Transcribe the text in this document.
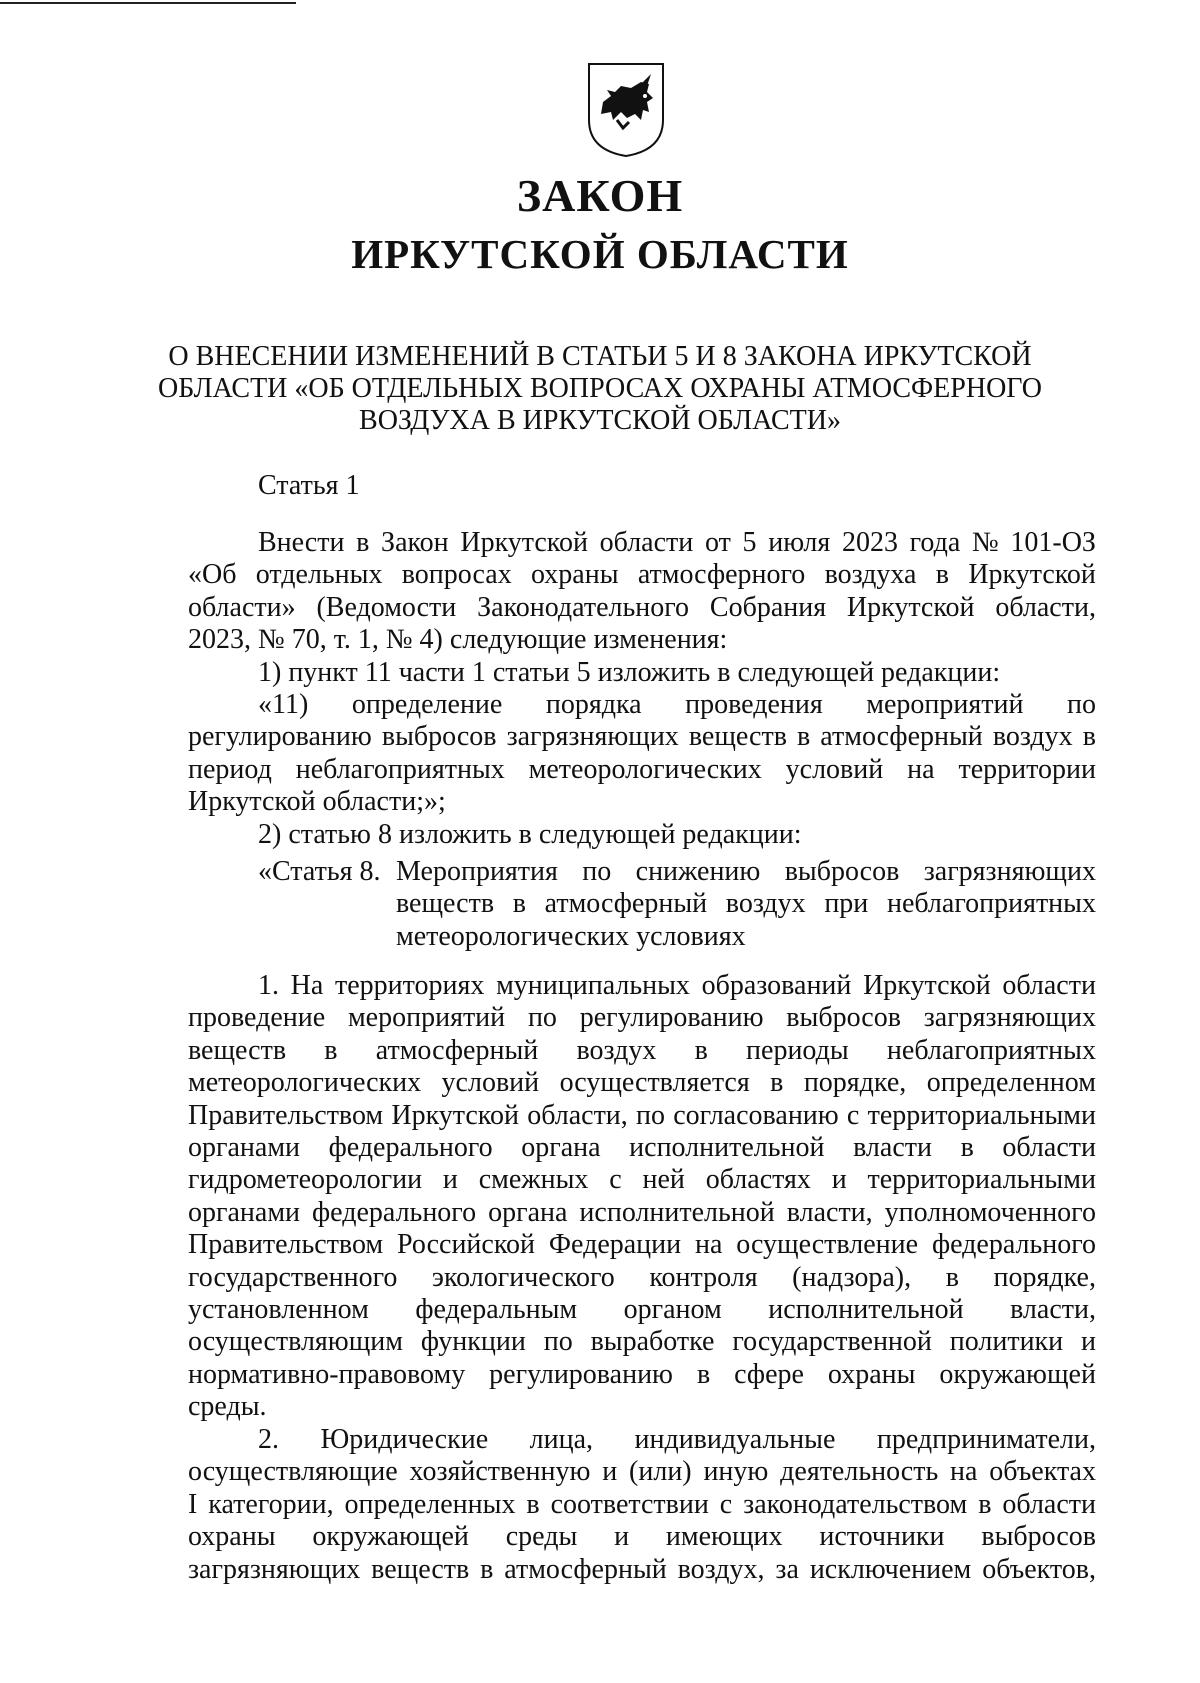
ЗАКОН
ИРКУТСКОЙ ОБЛАСТИ
О ВНЕСЕНИИ ИЗМЕНЕНИЙ В СТАТЬИ 5 И 8 ЗАКОНА ИРКУТСКОЙ
ОБЛАСТИ «ОБ ОТДЕЛЬНЫХ ВОПРОСАХ ОХРАНЫ АТМОСФЕРНОГО
ВОЗДУХА В ИРКУТСКОЙ ОБЛАСТИ»
Статья 1
Внести в Закон Иркутской области от 5 июля 2023 года № 101-ОЗ
«Об отдельных вопросах охраны атмосферного воздуха в Иркутской
области» (Ведомости Законодательного Собрания Иркутской области,
2023, № 70, т. 1, № 4) следующие изменения:
1) пункт 11 части 1 статьи 5 изложить в следующей редакции:
«11) определение порядка проведения мероприятий по
регулированию выбросов загрязняющих веществ в атмосферный воздух в
период неблагоприятных метеорологических условий на территории
Иркутской области;»;
2) статью 8 изложить в следующей редакции:
«Статья 8. Мероприятия по снижению выбросов загрязняющих
веществ в атмосферный воздух при неблагоприятных
метеорологических условиях
1. На территориях муниципальных образований Иркутской области
проведение мероприятий по регулированию выбросов загрязняющих
веществ в атмосферный воздух в периоды неблагоприятных
метеорологических условий осуществляется в порядке, определенном
Правительством Иркутской области, по согласованию с территориальными
органами федерального органа исполнительной власти в области
гидрометеорологии и смежных с ней областях и территориальными
органами федерального органа исполнительной власти, уполномоченного
Правительством Российской Федерации на осуществление федерального
государственного экологического контроля (надзора), в порядке,
установленном федеральным органом исполнительной власти,
осуществляющим функции по выработке государственной политики и
нормативно-правовому регулированию в сфере охраны окружающей
среды.
2. Юридические лица, индивидуальные предприниматели,
осуществляющие хозяйственную и (или) иную деятельность на объектах
I категории, определенных в соответствии с законодательством в области
охраны окружающей среды и имеющих источники выбросов
загрязняющих веществ в атмосферный воздух, за исключением объектов,
